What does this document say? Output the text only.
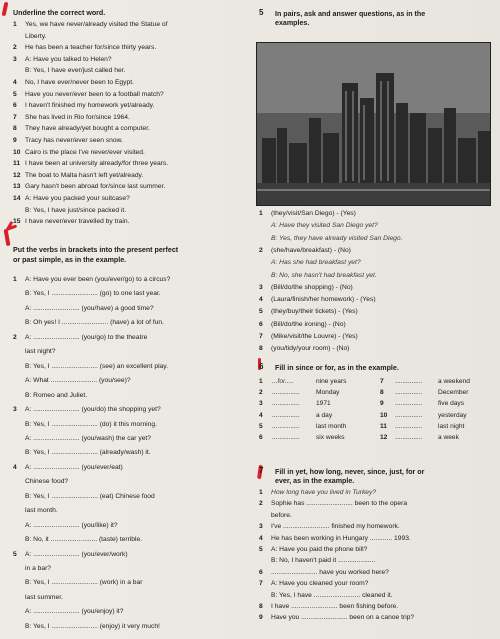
Underline the correct word.
1 Yes, we have never/already visited the Statue of
Liberty.
2 He has been a teacher for/since thirty years.
3 A: Have you talked to Helen?
B: Yes, I have ever/just called her.
4 No, I have ever/never been to Egypt.
5 Have you never/ever been to a football match?
6 I haven't finished my homework yet/already.
7 She has lived in Rio for/since 1964.
8 They have already/yet bought a computer.
9 Tracy has never/ever seen snow.
10 Cairo is the place I've never/ever visited.
11 I have been at university already/for three years.
12 The boat to Malta hasn't left yet/already.
13 Gary hasn't been abroad for/since last summer.
14 A: Have you packed your suitcase?
B: Yes, I have just/since packed it.
15 I have never/ever travelled by train.
Put the verbs in brackets into the present perfect
or past simple, as in the example.
1 A: Have you ever been (you/ever/go) to a circus?
B: Yes, I ......................... (go) to one last year.
A: ......................... (you/have) a good time?
B: Oh yes! I ......................... (have) a lot of fun.
2 A: ......................... (you/go) to the theatre
last night?
B: Yes, I ......................... (see) an excellent play.
A: What ......................... (you/see)?
B: Romeo and Juliet.
3 A: ......................... (you/do) the shopping yet?
B: Yes, I ......................... (do) it this morning.
A: ......................... (you/wash) the car yet?
B: Yes, I ......................... (already/wash) it.
4 A: ......................... (you/ever/eat)
Chinese food?
B: Yes, I ......................... (eat) Chinese food
last month.
A: ......................... (you/like) it?
B: No, it ......................... (taste) terrible.
5 A: ......................... (you/ever/work)
in a bar?
B: Yes, I ......................... (work) in a bar
last summer.
A: ......................... (you/enjoy) it?
B: Yes, I ......................... (enjoy) it very much!
5 In pairs, ask and answer questions, as in the
examples.
1 (they/visit/San Diego) - (Yes)
A: Have they visited San Diego yet?
B: Yes, they have already visited San Diego.
2 (she/have/breakfast) - (No)
A: Has she had breakfast yet?
B: No, she hasn't had breakfast yet.
3 (Bill/do/the shopping) - (No)
4 (Laura/finish/her homework) - (Yes)
5 (they/buy/their tickets) - (Yes)
6 (Bill/do/the ironing) - (No)
7 (Mike/visit/the Louvre) - (Yes)
8 (you/tidy/your room) - (No)
6 Fill in since or for, as in the example.
1 ...for.....	nine years	7 ............... a weekend
2 ...............	Monday	8 ............... December
3 ...............	1971	9 ............... five days
4 ...............	a day	10 ............... yesterday
5 ...............	last month	11 ............... last night
6 ...............	six weeks	12 ............... a week
7 Fill in yet, how long, never, since, just, for or
ever, as in the example.
1 How long have you lived in Turkey?
2 Sophie has ......................... been to the opera
before.
3 I've ......................... finished my homework.
4 He has been working in Hungary ............ 1993.
5 A: Have you paid the phone bill?
B: No, I haven't paid it ....................
6 ......................... have you worked here?
7 A: Have you cleaned your room?
B: Yes, I have ......................... cleaned it.
8 I have ......................... been fishing before.
9 Have you ......................... been on a canoe trip?
